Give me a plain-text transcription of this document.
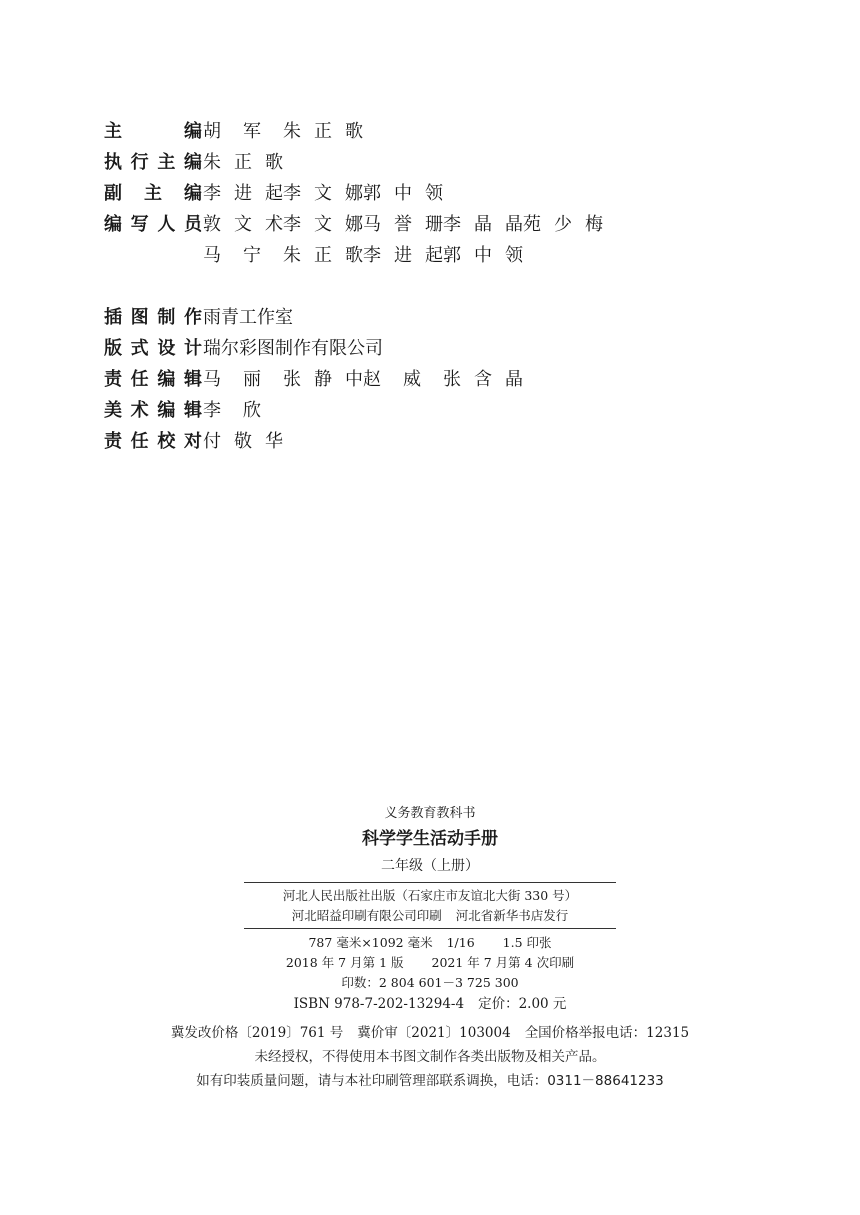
主	编 胡 军 朱正歌
执 行 主 编 朱正歌
副 主 编 李进起 李文娜 郭中领
编 写 人 员 敦文术 李文娜 马誉珊 李晶晶 苑少梅
马 宁 朱正歌 李进起 郭中领
插 图 制 作 雨青工作室
版 式 设 计 瑞尔彩图制作有限公司
责 任 编 辑 马 丽 张静中 赵 威 张含晶
美 术 编 辑 李 欣
责 任 校 对 付敬华
义务教育教科书
科学学生活动手册
二年级（上册）
河北人民出版社出版（石家庄市友谊北大街 330 号）
河北昭益印刷有限公司印刷 河北省新华书店发行
787 毫米×1092 毫米 1/16 1.5 印张
2018 年 7 月第 1 版 2021 年 7 月第 4 次印刷
印数：2 804 601－3 725 300
ISBN 978-7-202-13294-4 定价：2.00 元
冀发改价格〔2019〕761 号 冀价审〔2021〕103004 全国价格举报电话：12315
未经授权，不得使用本书图文制作各类出版物及相关产品。
如有印装质量问题，请与本社印刷管理部联系调换，电话：0311－88641233
